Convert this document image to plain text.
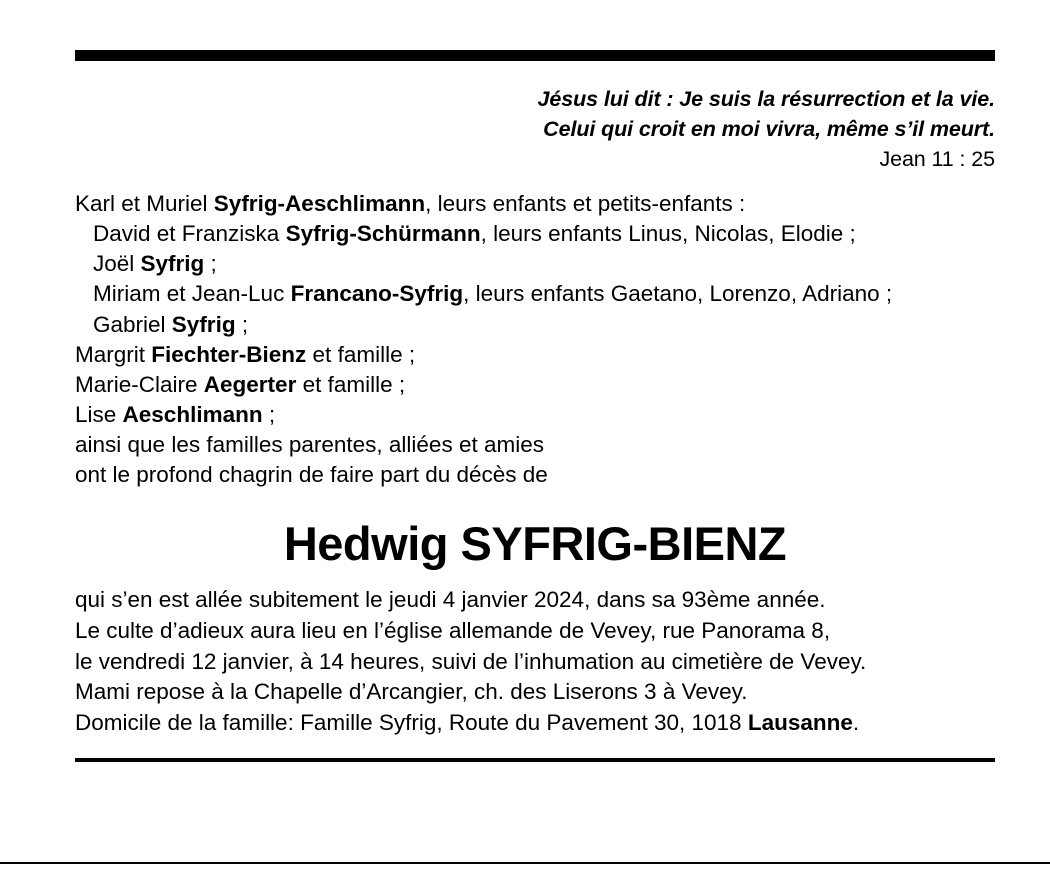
Jésus lui dit : Je suis la résurrection et la vie.
Celui qui croit en moi vivra, même s’il meurt.
Jean 11 : 25
Karl et Muriel Syfrig-Aeschlimann, leurs enfants et petits-enfants :
David et Franziska Syfrig-Schürmann, leurs enfants Linus, Nicolas, Elodie ;
Joël Syfrig ;
Miriam et Jean-Luc Francano-Syfrig, leurs enfants Gaetano, Lorenzo, Adriano ;
Gabriel Syfrig ;
Margrit Fiechter-Bienz et famille ;
Marie-Claire Aegerter et famille ;
Lise Aeschlimann ;
ainsi que les familles parentes, alliées et amies
ont le profond chagrin de faire part du décès de
Hedwig SYFRIG-BIENZ
qui s’en est allée subitement le jeudi 4 janvier 2024, dans sa 93ème année.
Le culte d’adieux aura lieu en l’église allemande de Vevey, rue Panorama 8,
le vendredi 12 janvier, à 14 heures, suivi de l’inhumation au cimetière de Vevey.
Mami repose à la Chapelle d’Arcangier, ch. des Liserons 3 à Vevey.
Domicile de la famille: Famille Syfrig, Route du Pavement 30, 1018 Lausanne.
